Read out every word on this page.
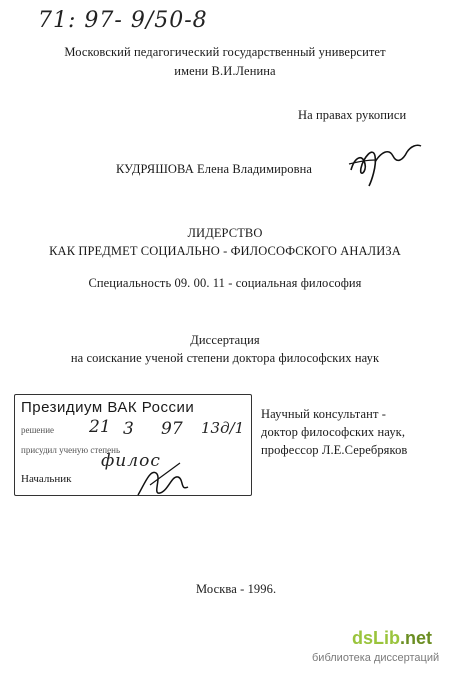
71: 97- 9/50-8
Московский педагогический государственный университет
имени В.И.Ленина
На правах рукописи
КУДРЯШОВА Елена Владимировна
ЛИДЕРСТВО
КАК ПРЕДМЕТ СОЦИАЛЬНО - ФИЛОСОФСКОГО АНАЛИЗА
Специальность 09. 00. 11 - социальная философия
Диссертация
на соискание ученой степени доктора философских наук
Президиум ВАК России
решение 21 3 97 13д/1
присудил ученую степень
филос
Начальник
Научный консультант -
доктор философских наук,
профессор Л.Е.Серебряков
Москва - 1996.
dsLib.net
библиотека диссертаций
